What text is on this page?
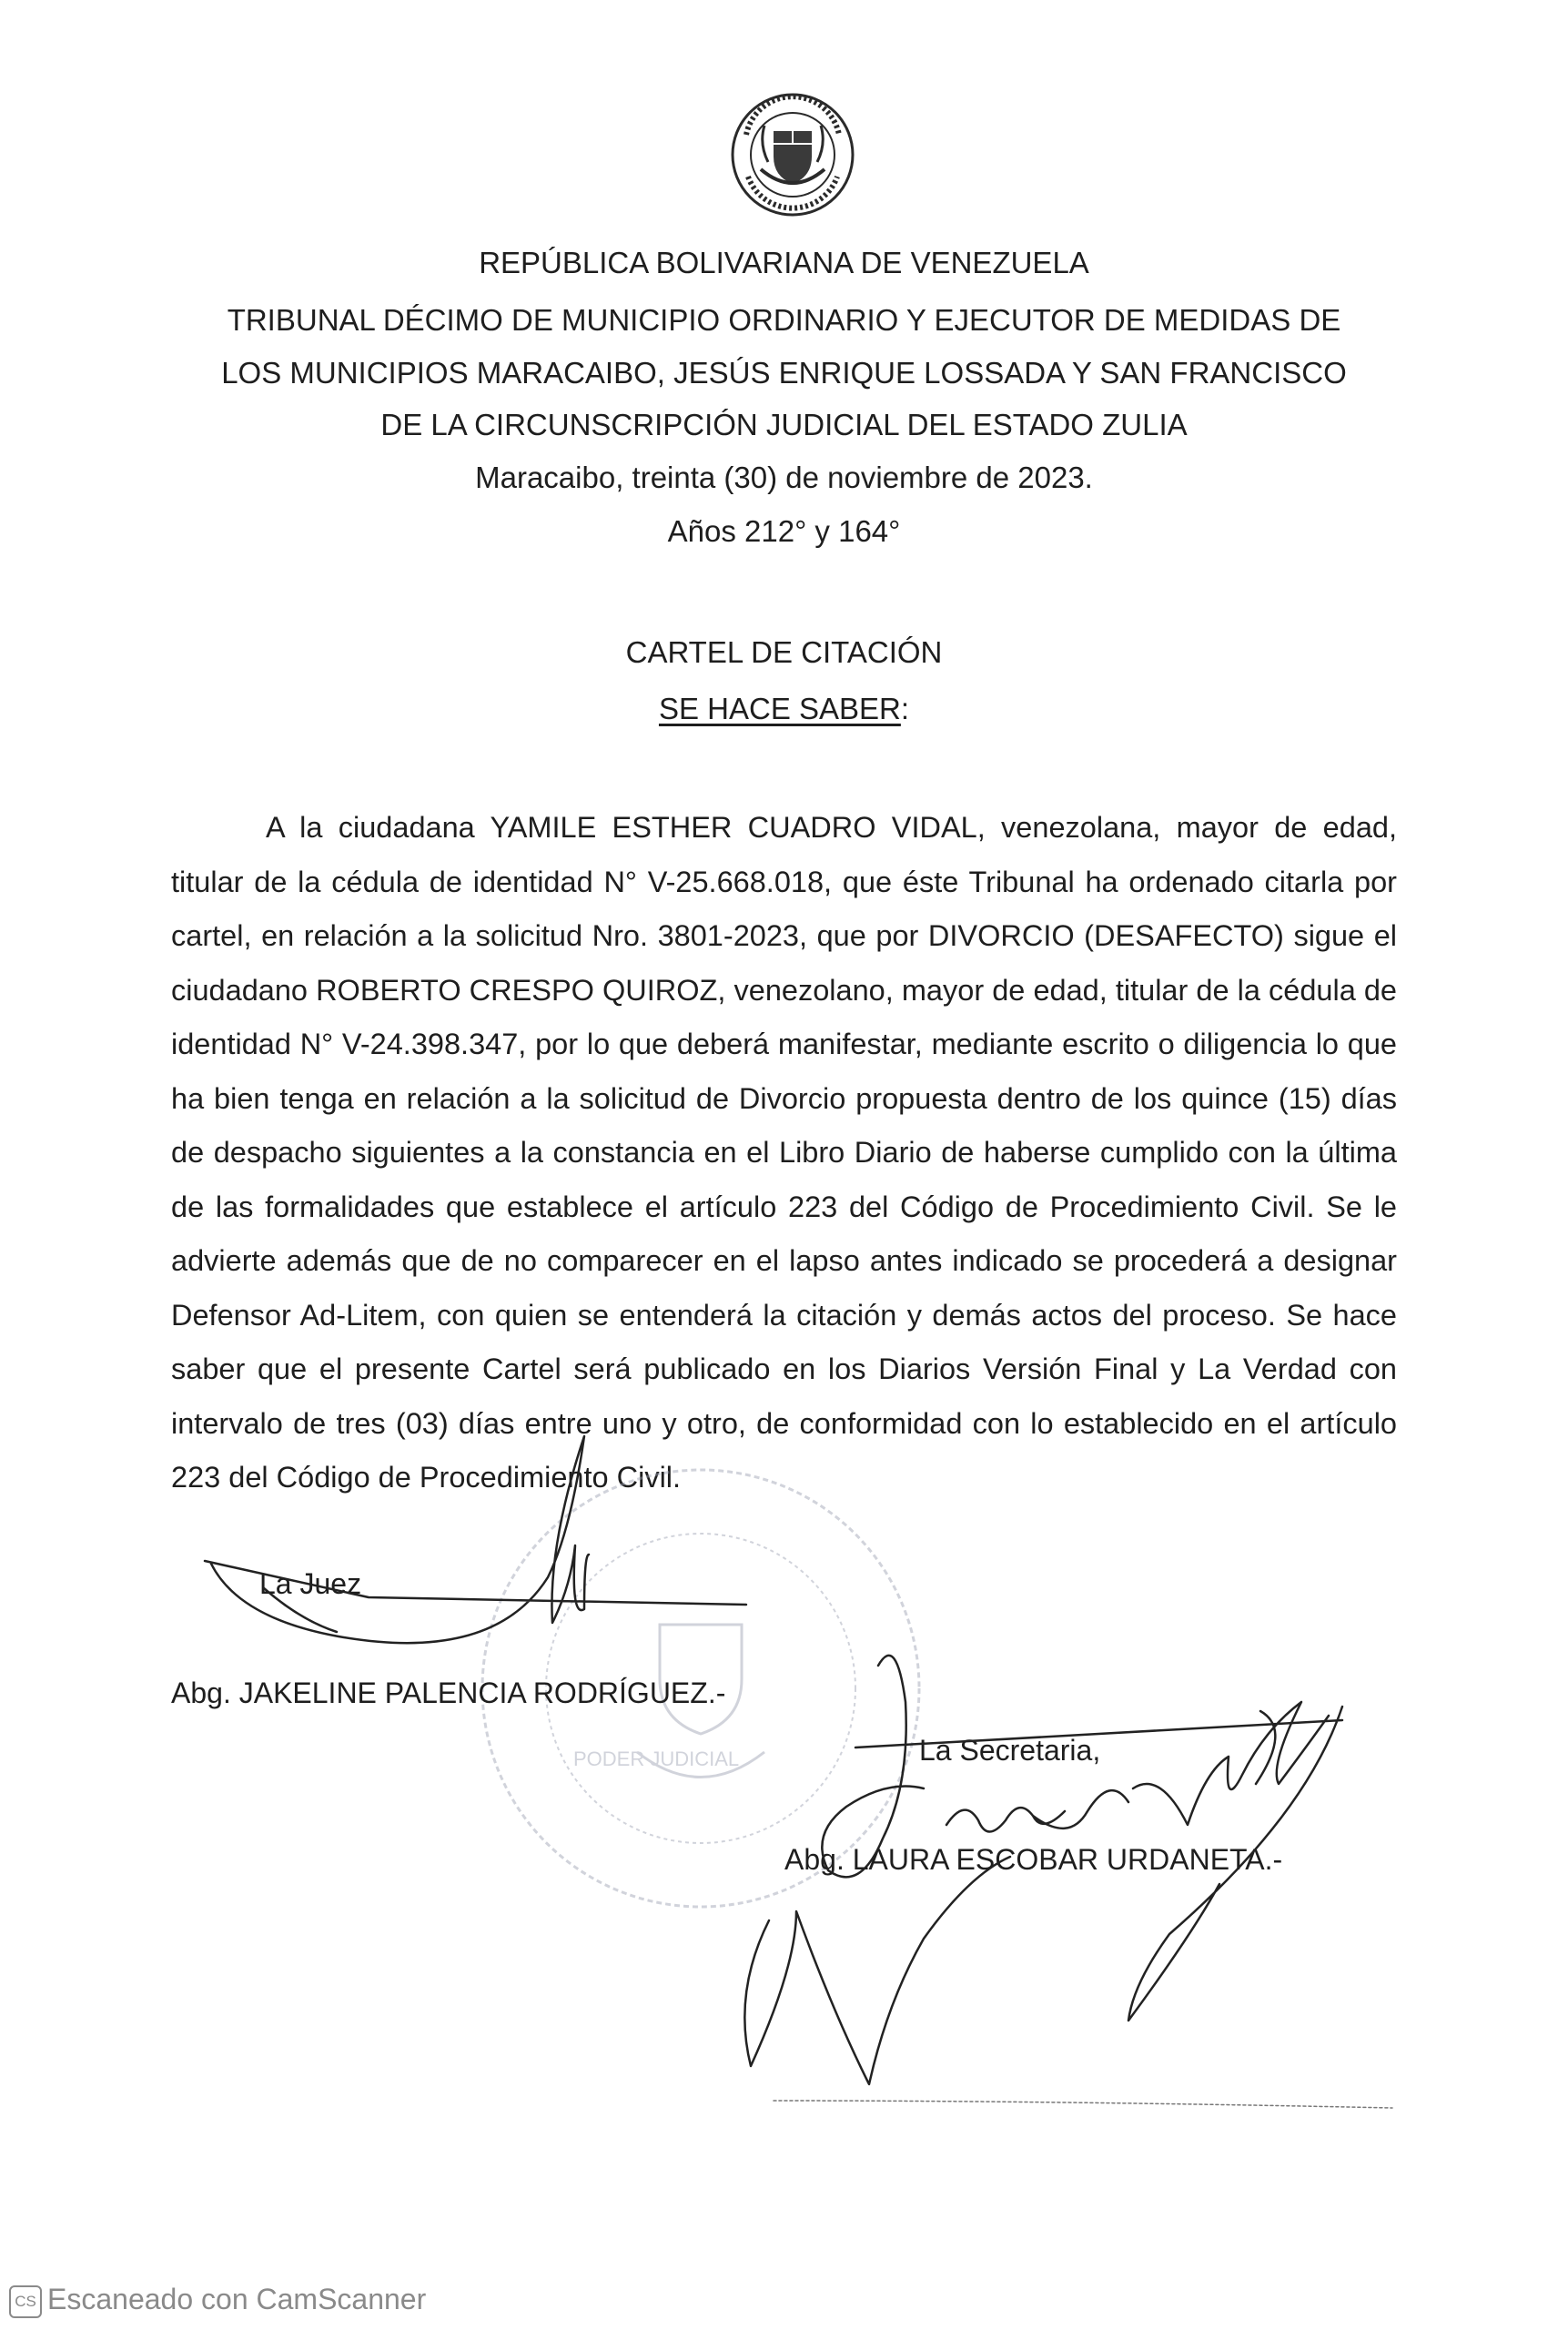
REPÚBLICA BOLIVARIANA DE VENEZUELA
TRIBUNAL DÉCIMO DE MUNICIPIO ORDINARIO Y EJECUTOR DE MEDIDAS DE
LOS MUNICIPIOS MARACAIBO, JESÚS ENRIQUE LOSSADA Y SAN FRANCISCO
DE LA CIRCUNSCRIPCIÓN JUDICIAL DEL ESTADO ZULIA
Maracaibo, treinta (30) de noviembre de 2023.
Años 212° y 164°
CARTEL DE CITACIÓN
SE HACE SABER:
A la ciudadana YAMILE ESTHER CUADRO VIDAL, venezolana, mayor de edad, titular de la cédula de identidad N° V-25.668.018, que éste Tribunal ha ordenado citarla por cartel, en relación a la solicitud Nro. 3801-2023, que por DIVORCIO (DESAFECTO) sigue el ciudadano ROBERTO CRESPO QUIROZ, venezolano, mayor de edad, titular de la cédula de identidad N° V-24.398.347, por lo que deberá manifestar, mediante escrito o diligencia lo que ha bien tenga en relación a la solicitud de Divorcio propuesta dentro de los quince (15) días de despacho siguientes a la constancia en el Libro Diario de haberse cumplido con la última de las formalidades que establece el artículo 223 del Código de Procedimiento Civil. Se le advierte además que de no comparecer en el lapso antes indicado se procederá a designar Defensor Ad-Litem, con quien se entenderá la citación y demás actos del proceso. Se hace saber que el presente Cartel será publicado en los Diarios Versión Final y La Verdad con intervalo de tres (03) días entre uno y otro, de conformidad con lo establecido en el artículo 223 del Código de Procedimiento Civil.
PODER JUDICIAL
La Juez
Abg. JAKELINE PALENCIA RODRÍGUEZ.-
La Secretaria,
Abg. LAURA ESCOBAR URDANETA.-
CS Escaneado con CamScanner
